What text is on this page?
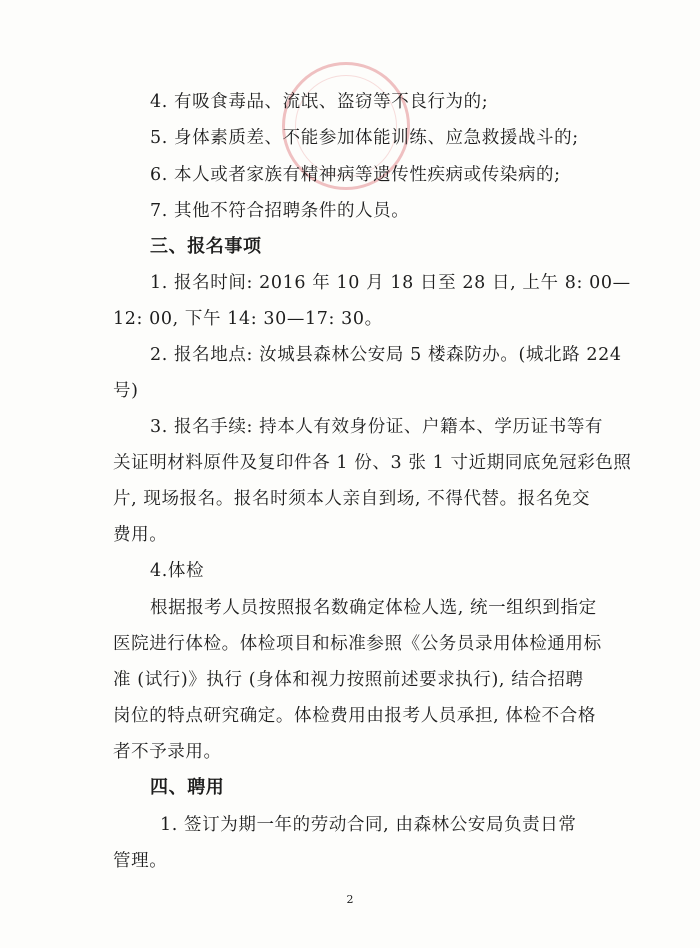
4. 有吸食毒品、流氓、盗窃等不良行为的;
5. 身体素质差、不能参加体能训练、应急救援战斗的;
6. 本人或者家族有精神病等遗传性疾病或传染病的;
7. 其他不符合招聘条件的人员。
三、报名事项
1. 报名时间: 2016 年 10 月 18 日至 28 日, 上午 8: 00—
12: 00, 下午 14: 30—17: 30。
2. 报名地点: 汝城县森林公安局 5 楼森防办。(城北路 224
号)
3. 报名手续: 持本人有效身份证、户籍本、学历证书等有
关证明材料原件及复印件各 1 份、3 张 1 寸近期同底免冠彩色照
片, 现场报名。报名时须本人亲自到场, 不得代替。报名免交
费用。
4.体检
根据报考人员按照报名数确定体检人选, 统一组织到指定
医院进行体检。体检项目和标准参照《公务员录用体检通用标
准 (试行)》执行 (身体和视力按照前述要求执行), 结合招聘
岗位的特点研究确定。体检费用由报考人员承担, 体检不合格
者不予录用。
四、聘用
1. 签订为期一年的劳动合同, 由森林公安局负责日常
管理。
2
